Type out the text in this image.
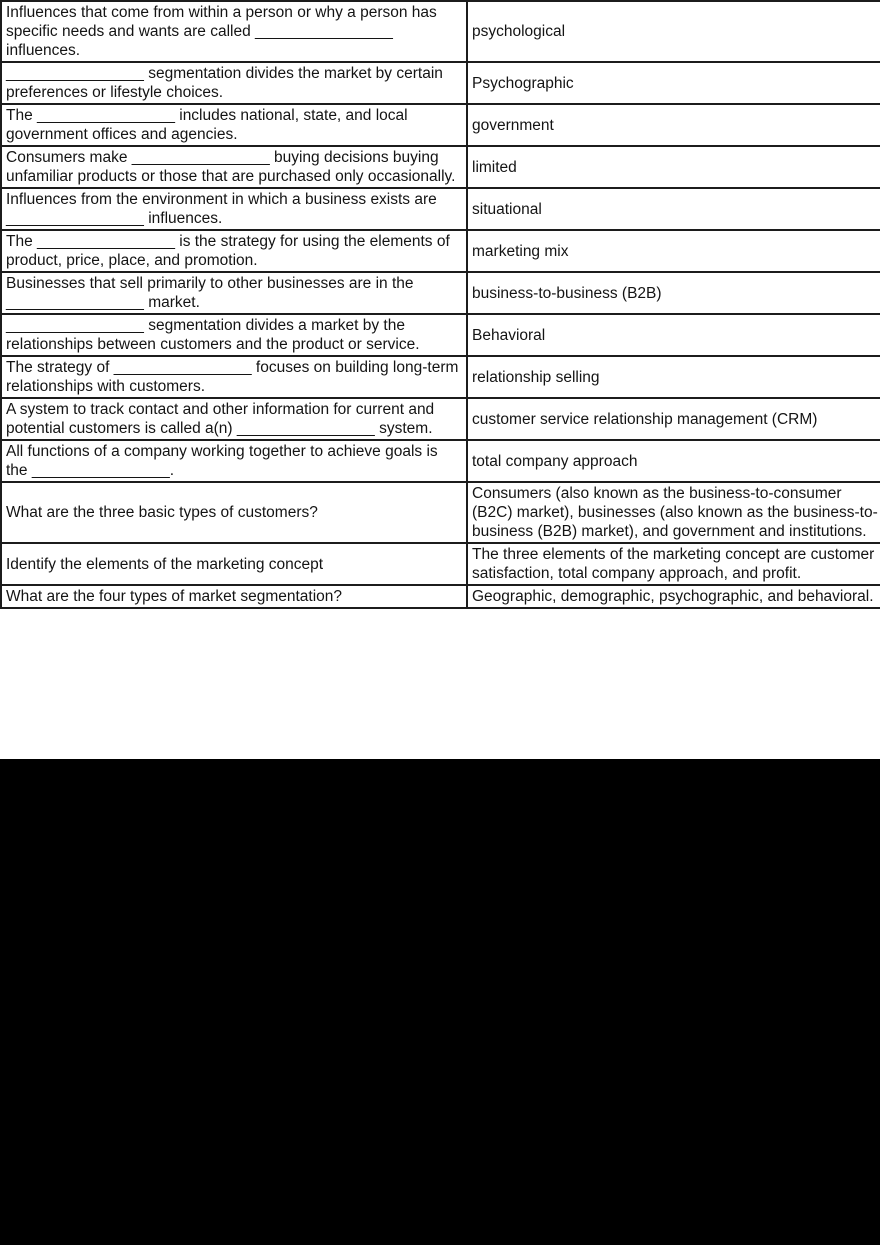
Influences that come from within a person or why a person has specific needs and wants are called ________________ influences.	psychological
________________ segmentation divides the market by certain preferences or lifestyle choices.	Psychographic
The ________________ includes national, state, and local government offices and agencies.	government
Consumers make ________________ buying decisions buying unfamiliar products or those that are purchased only occasionally.	limited
Influences from the environment in which a business exists are ________________ influences.	situational
The ________________ is the strategy for using the elements of product, price, place, and promotion.	marketing mix
Businesses that sell primarily to other businesses are in the ________________ market.	business-to-business (B2B)
________________ segmentation divides a market by the relationships between customers and the product or service.	Behavioral
The strategy of ________________ focuses on building long-term relationships with customers.	relationship selling
A system to track contact and other information for current and potential customers is called a(n) ________________ system.	customer service relationship management (CRM)
All functions of a company working together to achieve goals is the ________________.	total company approach
What are the three basic types of customers?	Consumers (also known as the business-to-consumer (B2C) market), businesses (also known as the business-to-business (B2B) market), and government and institutions.
Identify the elements of the marketing concept	The three elements of the marketing concept are customer satisfaction, total company approach, and profit.
What are the four types of market segmentation?	Geographic, demographic, psychographic, and behavioral.
